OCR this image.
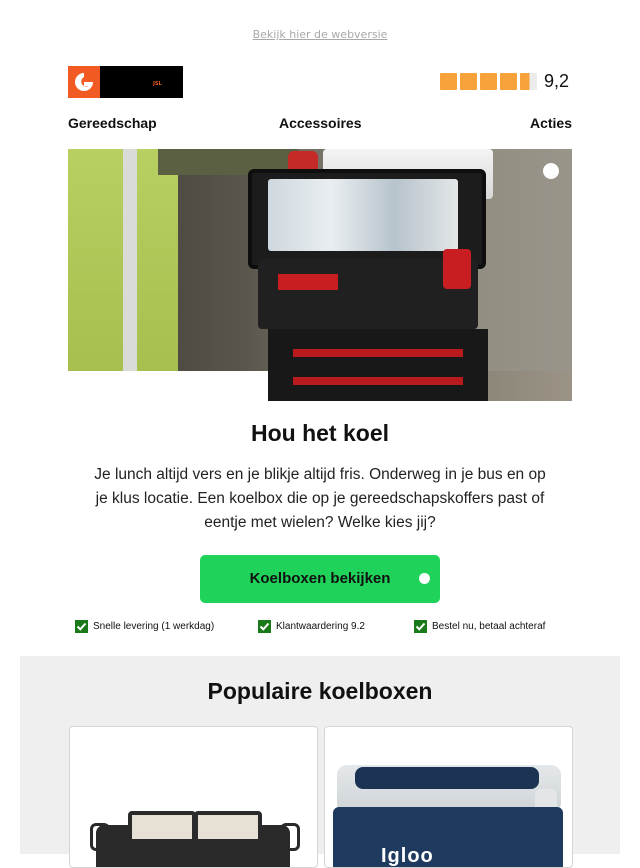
Bekijk hier de webversie
JSL	9,2
Gereedschap	Accessoires	Acties
Hou het koel

Je lunch altijd vers en je blikje altijd fris. Onderweg in je bus en op je klus locatie. Een koelbox die op je gereedschapskoffers past of eentje met wielen? Welke kies jij?

Koelboxen bekijken
Snelle levering (1 werkdag)	Klantwaardering 9.2	Bestel nu, betaal achteraf
Populaire koelboxen
Igloo
